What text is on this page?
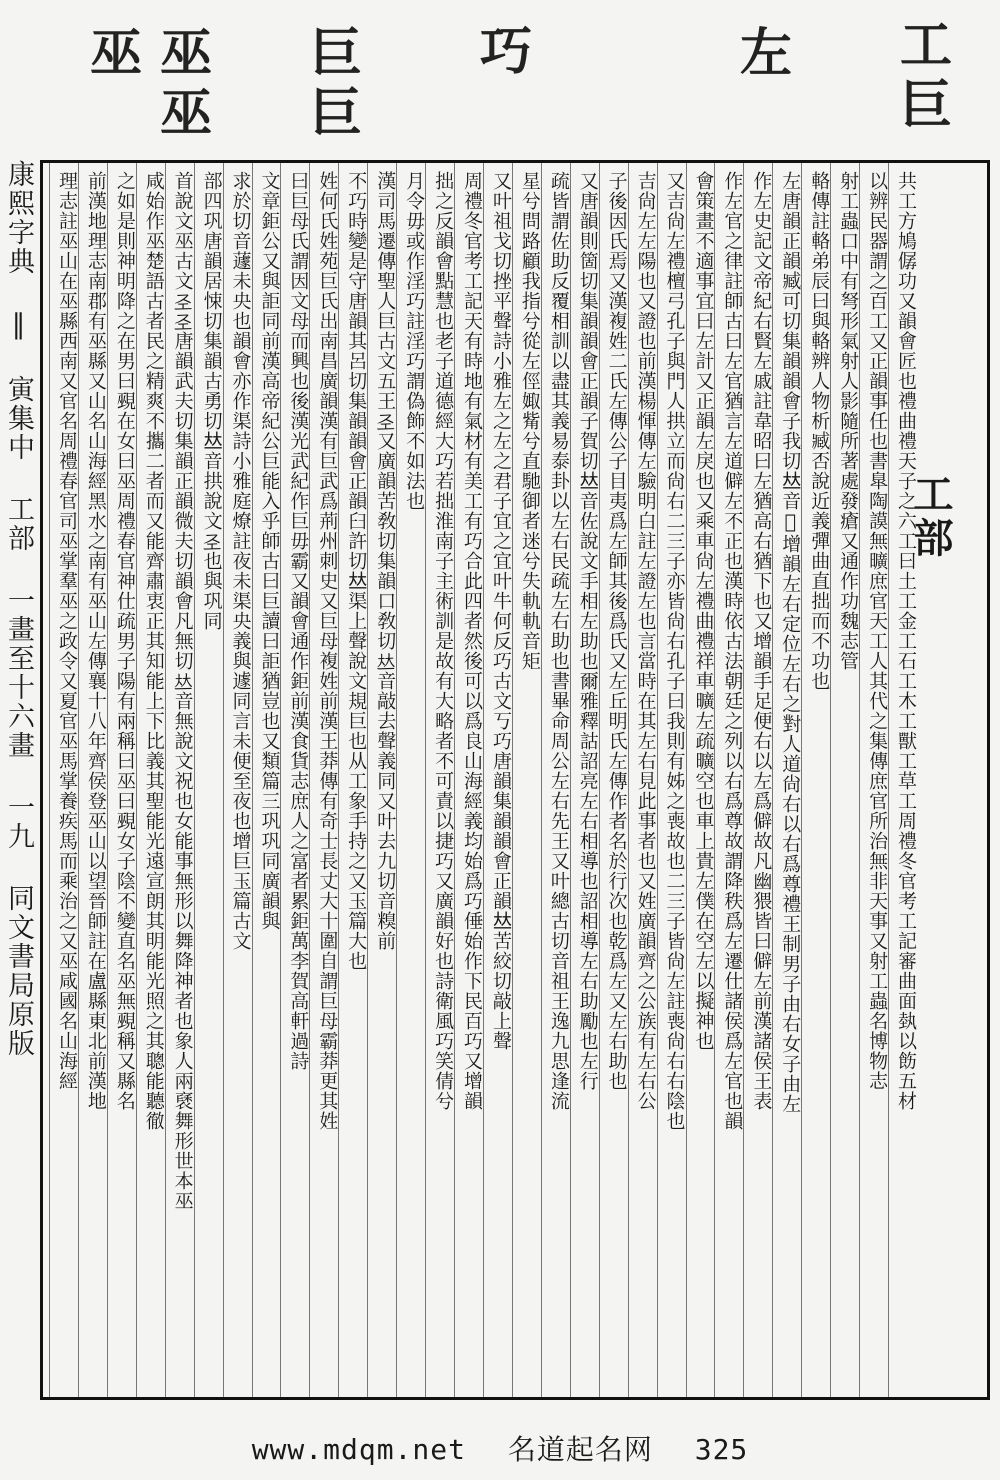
工
巨
左
巧
巨
巨
巫
巫
巫
康熙字典 ‖ 寅集中 工部 一畫至十六畫 一九 同文書局原版
工部
共工方鳩僝功又韻會匠也禮曲禮天子之六工曰土工金工石工木工獸工草工周禮冬官考工記審曲面埶以飭五材
以辨民器謂之百工又正韻事任也書臯陶謨無曠庶官天工人其代之集傳庶官所治無非天事又射工蟲名博物志
射工蟲口中有弩形氣射人影隨所著處發瘡又通作功魏志管
輅傳註輅弟辰曰與輅辨人物析臧否說近義彈曲直拙而不功也
左唐韻正韻臧可切集韻韻會子我切𠀤音𠡠增韻左右定位左右之對人道尙右以右爲尊禮王制男子由右女子由左
作左史記文帝紀右賢左戚註韋昭曰左猶高右猶下也又增韻手足便右以左爲僻故凡幽猥皆曰僻左前漢諸侯王表
作左官之律註師古曰左官猶言左道僻左不正也漢時依古法朝廷之列以右爲尊故謂降秩爲左遷仕諸侯爲左官也韻
會策畫不適事宜曰左計又正韻左戾也又乘車尙左禮曲禮祥車曠左疏曠空也車上貴左僕在空左以擬神也
又吉尙左禮檀弓孔子與門人拱立而尙右二三子亦皆尙右孔子曰我則有姊之喪故也二三子皆尙左註喪尙右右陰也
吉尙左左陽也又證也前漢楊惲傳左驗明白註左證左也言當時在其左右見此事者也又姓廣韻齊之公族有左右公
子後因氏焉又漢複姓二氏左傳公子目夷爲左師其後爲氏又左丘明氏左傳作者名於行次也乾爲左又左右助也
又唐韻則箇切集韻韻會正韻子賀切𠀤音佐說文手相左助也爾雅釋詁詔亮左右相導也詔相導左右助勵也左行
疏皆謂佐助反覆相訓以盡其義易泰卦以左右民疏左右助也書畢命周公左右先王又叶總古切音祖王逸九思逢流
星兮問路顧我指兮從左俓娵觜兮直馳御者迷兮失軌軌音矩
又叶祖戈切挫平聲詩小雅左之左之君子宜之宜叶牛何反巧古文丂巧唐韻集韻韻會正韻𠀤苦絞切敲上聲
周禮冬官考工記天有時地有氣材有美工有巧合此四者然後可以爲良山海經義均始爲巧倕始作下民百巧又增韻
拙之反韻會點慧也老子道德經大巧若拙淮南子主術訓是故有大略者不可責以捷巧又廣韻好也詩衛風巧笑倩兮
月令毋或作淫巧註淫巧謂偽飾不如法也
漢司馬遷傳聖人巨古文五王𢀖又廣韻苦敎切集韻口敎切𠀤音敲去聲義同又叶去九切音糗前
不巧時變是守唐韻其呂切集韻韻會正韻臼許切𠀤渠上聲說文規巨也从工象手持之又玉篇大也
姓何氏姓苑巨氏出南昌廣韻漢有巨武爲荊州刺史又巨母複姓前漢王莽傳有奇士長丈大十圍自謂巨母霸莽更其姓
曰巨母氏謂因文母而興也後漢光武紀作巨毋霸又韻會通作鉅前漢食貨志庶人之富者累鉅萬李賀高軒過詩
文章鉅公又與詎同前漢高帝紀公巨能入乎師古曰巨讀曰詎猶豈也又類篇三巩巩同廣韻與
求於切音蘧未央也韻會亦作渠詩小雅庭燎註夜未渠央義與遽同言未便至夜也增巨玉篇古文
部四巩唐韻居悚切集韻古勇切𠀤音拱說文𢀖也與巩同
首說文巫古文𢀖𢀖唐韻武夫切集韻正韻微夫切韻會凡無切𠀤音無說文祝也女能事無形以舞降神者也象人兩褎舞形世本巫
咸始作巫楚語古者民之精爽不攜二者而又能齊肅衷正其知能上下比義其聖能光遠宣朗其明能光照之其聰能聽徹
之如是則神明降之在男曰覡在女曰巫周禮春官神仕疏男子陽有兩稱曰巫曰覡女子陰不變直名巫無覡稱又縣名
前漢地理志南郡有巫縣又山名山海經黑水之南有巫山左傳襄十八年齊侯登巫山以望晉師註在盧縣東北前漢地
理志註巫山在巫縣西南又官名周禮春官司巫掌羣巫之政令又夏官巫馬掌養疾馬而乘治之又巫咸國名山海經
www.mdqm.net 名道起名网 325
